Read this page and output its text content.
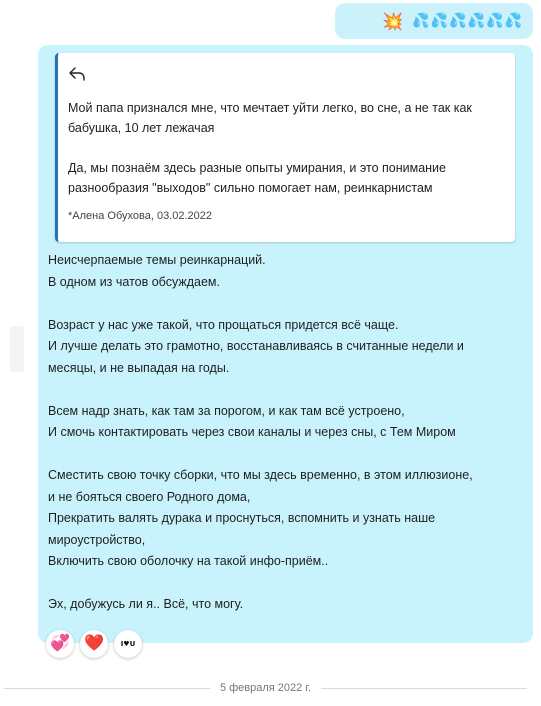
💥 💦💦💦💦💦💦

Мой папа признался мне, что мечтает уйти легко, во сне, а не так как

бабушка, 10 лет лежачая

Да, мы познаём здесь разные опыты умирания, и это понимание

разнообразия "выходов" сильно помогает нам, реинкарнистам

*Алена Обухова, 03.02.2022

Неисчерпаемые темы реинкарнаций.

В одном из чатов обсуждаем.

Возраст у нас уже такой, что прощаться придется всё чаще.

И лучше делать это грамотно, восстанавливаясь в считанные недели и

месяцы, и не выпадая на годы.

Всем надр знать, как там за порогом, и как там всё устроено,

И смочь контактировать через свои каналы и через сны, с Тем Миром

Сместить свою точку сборки, что мы здесь временно, в этом иллюзионе,

и не бояться своего Родного дома,

Прекратить валять дурака и проснуться, вспомнить и узнать наше

мироустройство,

Включить свою оболочку на такой инфо-приём..

Эх, добужусь ли я.. Всё, что могу.

💞 ❤️	I♥U
5 февраля 2022 г.
